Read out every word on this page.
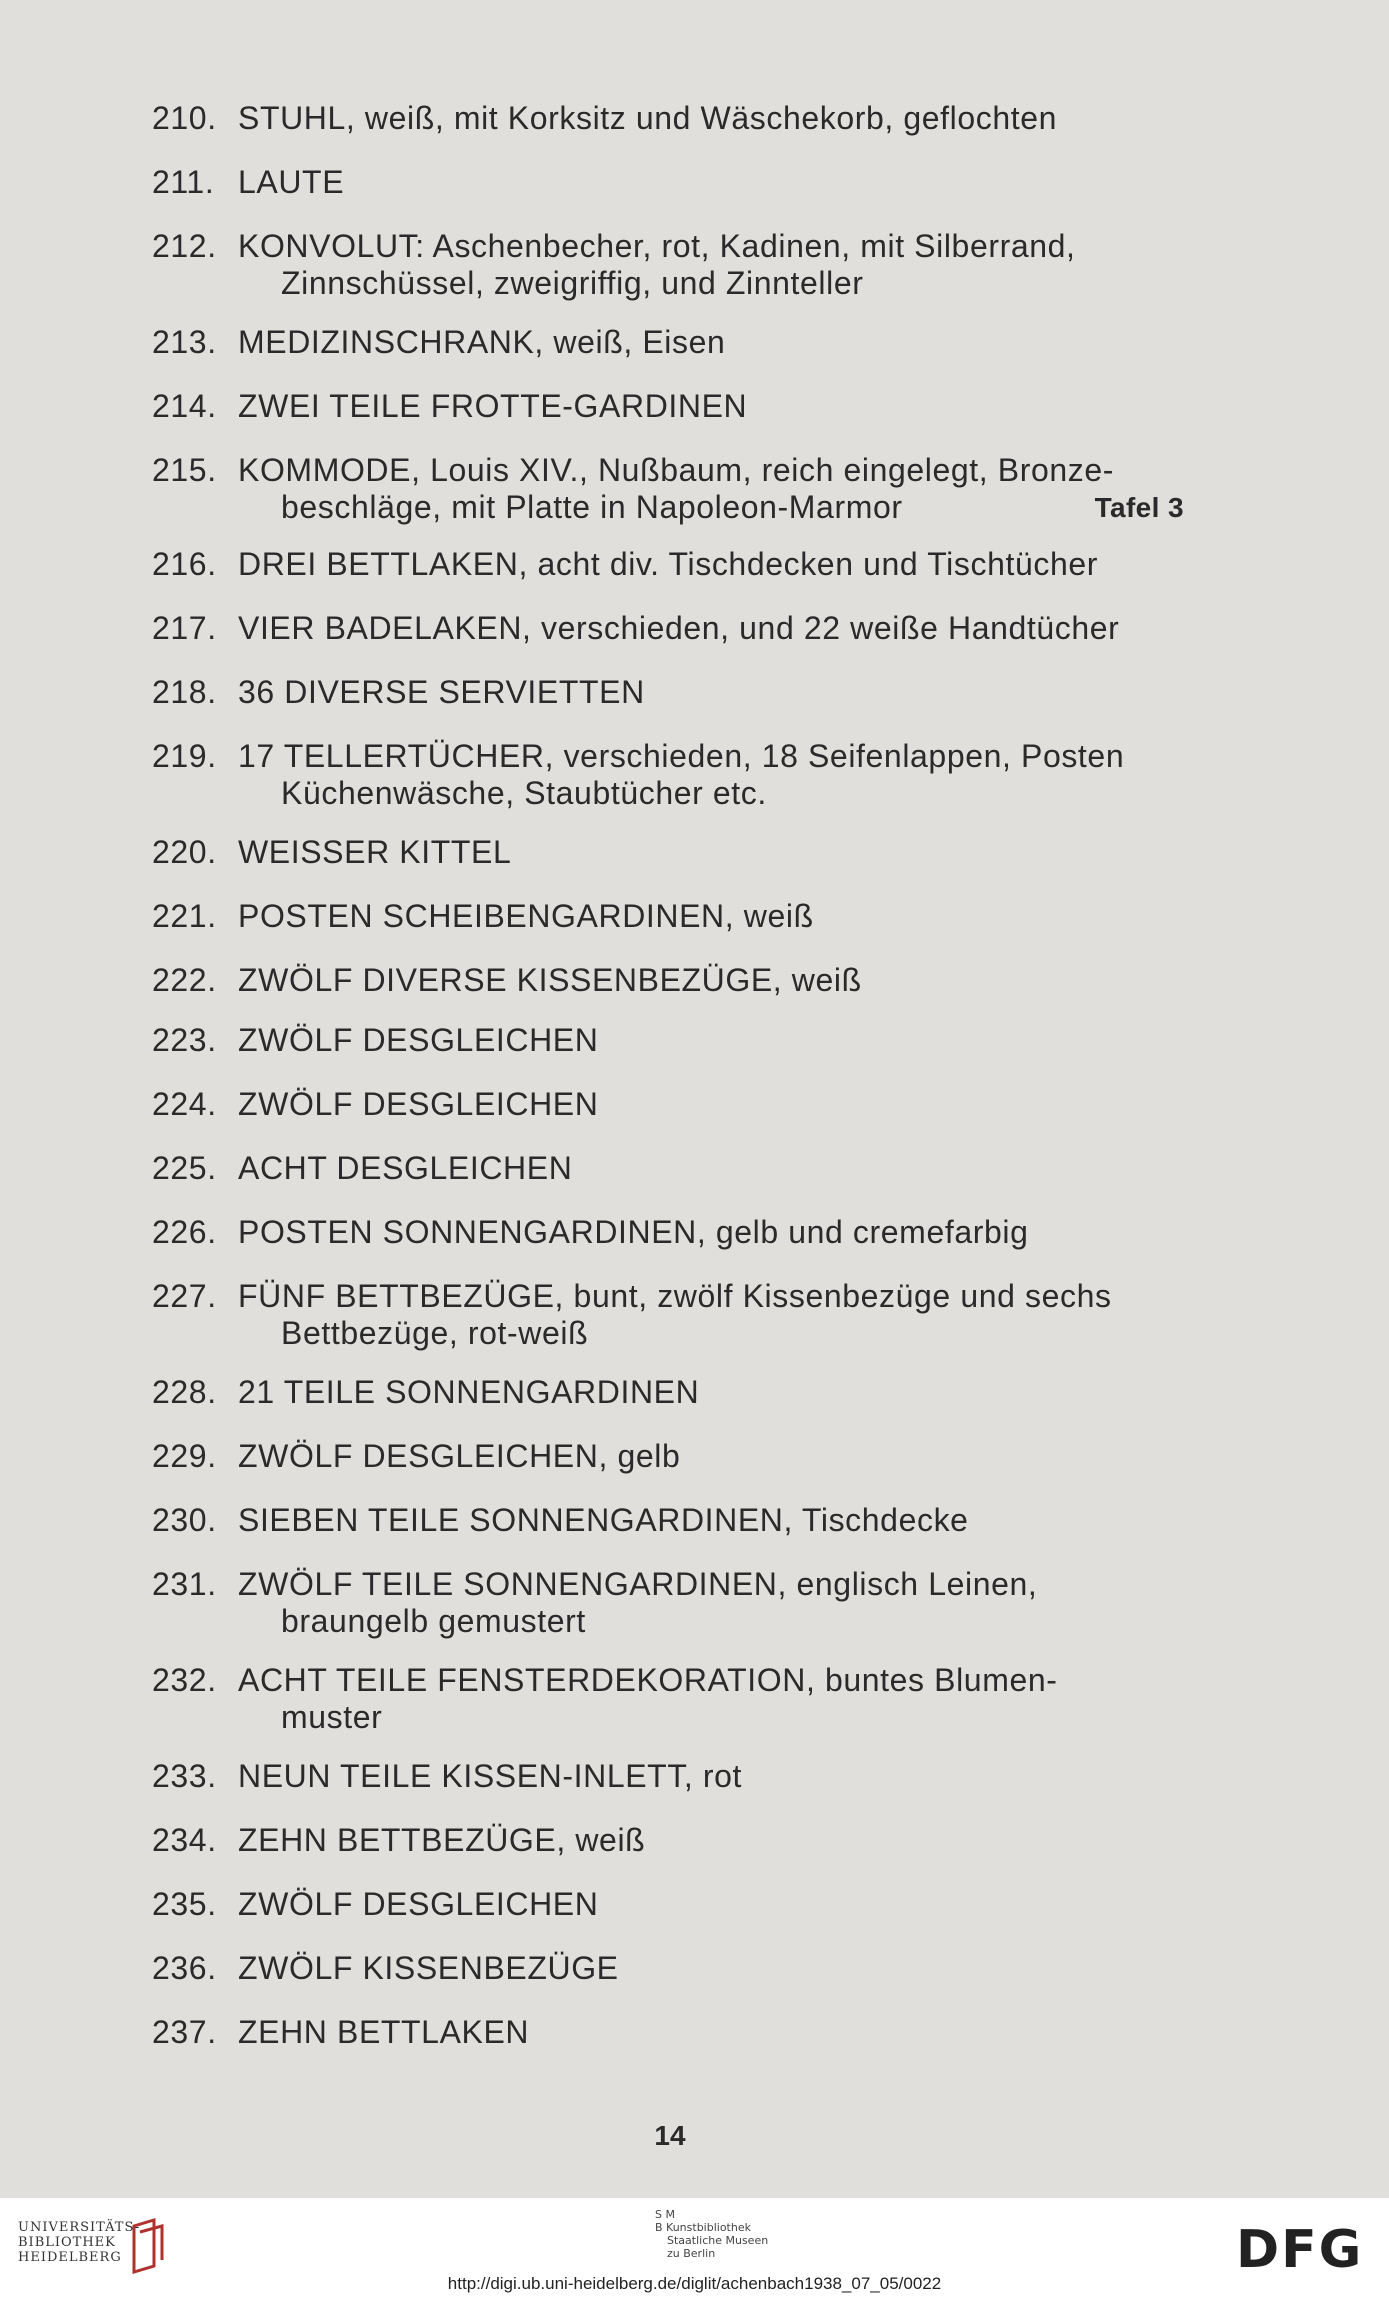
210. STUHL, weiß, mit Korksitz und Wäschekorb, geflochten
211. LAUTE
212. KONVOLUT: Aschenbecher, rot, Kadinen, mit Silberrand,
Zinnschüssel, zweigriffig, und Zinnteller
213. MEDIZINSCHRANK, weiß, Eisen
214. ZWEI TEILE FROTTE-GARDINEN
215. KOMMODE, Louis XIV., Nußbaum, reich eingelegt, Bronze-
beschläge, mit Platte in Napoleon-Marmor	Tafel 3
216. DREI BETTLAKEN, acht div. Tischdecken und Tischtücher
217. VIER BADELAKEN, verschieden, und 22 weiße Handtücher
218. 36 DIVERSE SERVIETTEN
219. 17 TELLERTÜCHER, verschieden, 18 Seifenlappen, Posten
Küchenwäsche, Staubtücher etc.
220. WEISSER KITTEL
221. POSTEN SCHEIBENGARDINEN, weiß
222. ZWÖLF DIVERSE KISSENBEZÜGE, weiß
223. ZWÖLF DESGLEICHEN
224. ZWÖLF DESGLEICHEN
225. ACHT DESGLEICHEN
226. POSTEN SONNENGARDINEN, gelb und cremefarbig
227. FÜNF BETTBEZÜGE, bunt, zwölf Kissenbezüge und sechs
Bettbezüge, rot-weiß
228. 21 TEILE SONNENGARDINEN
229. ZWÖLF DESGLEICHEN, gelb
230. SIEBEN TEILE SONNENGARDINEN, Tischdecke
231. ZWÖLF TEILE SONNENGARDINEN, englisch Leinen,
braungelb gemustert
232. ACHT TEILE FENSTERDEKORATION, buntes Blumen-
muster
233. NEUN TEILE KISSEN-INLETT, rot
234. ZEHN BETTBEZÜGE, weiß
235. ZWÖLF DESGLEICHEN
236. ZWÖLF KISSENBEZÜGE
237. ZEHN BETTLAKEN
14
UNIVERSITÄTS-
BIBLIOTHEK
HEIDELBERG
S M
B Kunstbibliothek
Staatliche Museen
zu Berlin	DFG
http://digi.ub.uni-heidelberg.de/diglit/achenbach1938_07_05/0022
